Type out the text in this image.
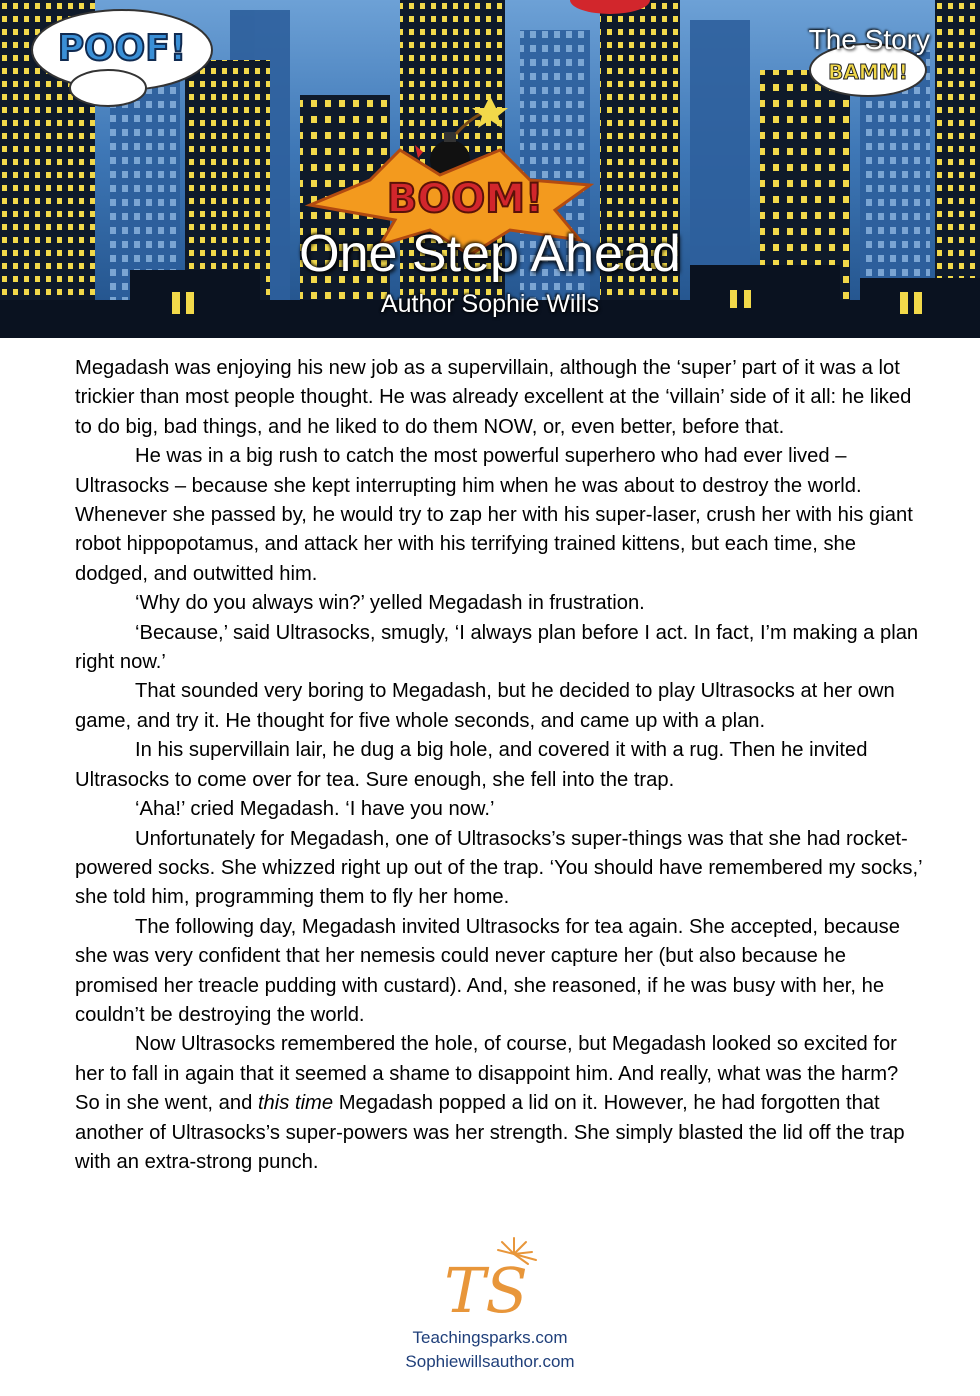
POOF!
BAMM!
BOOM!
The Story
One Step Ahead
Author Sophie Wills

Megadash was enjoying his new job as a supervillain, although the ‘super’ part of it was a lot trickier than most people thought. He was already excellent at the ‘villain’ side of it all: he liked to do big, bad things, and he liked to do them NOW, or, even better, before that.

He was in a big rush to catch the most powerful superhero who had ever lived – Ultrasocks – because she kept interrupting him when he was about to destroy the world. Whenever she passed by, he would try to zap her with his super-laser, crush her with his giant robot hippopotamus, and attack her with his terrifying trained kittens, but each time, she dodged, and outwitted him.

‘Why do you always win?’ yelled Megadash in frustration.

‘Because,’ said Ultrasocks, smugly, ‘I always plan before I act. In fact, I’m making a plan right now.’

That sounded very boring to Megadash, but he decided to play Ultrasocks at her own game, and try it. He thought for five whole seconds, and came up with a plan.

In his supervillain lair, he dug a big hole, and covered it with a rug. Then he invited Ultrasocks to come over for tea. Sure enough, she fell into the trap.

‘Aha!’ cried Megadash. ‘I have you now.’

Unfortunately for Megadash, one of Ultrasocks’s super-things was that she had rocket-powered socks. She whizzed right up out of the trap. ‘You should have remembered my socks,’ she told him, programming them to fly her home.

The following day, Megadash invited Ultrasocks for tea again. She accepted, because she was very confident that her nemesis could never capture her (but also because he promised her treacle pudding with custard). And, she reasoned, if he was busy with her, he couldn’t be destroying the world.

Now Ultrasocks remembered the hole, of course, but Megadash looked so excited for her to fall in again that it seemed a shame to disappoint him. And really, what was the harm? So in she went, and this time Megadash popped a lid on it. However, he had forgotten that another of Ultrasocks’s super-powers was her strength. She simply blasted the lid off the trap with an extra-strong punch.

TS
Teachingsparks.com
Sophiewillsauthor.com
